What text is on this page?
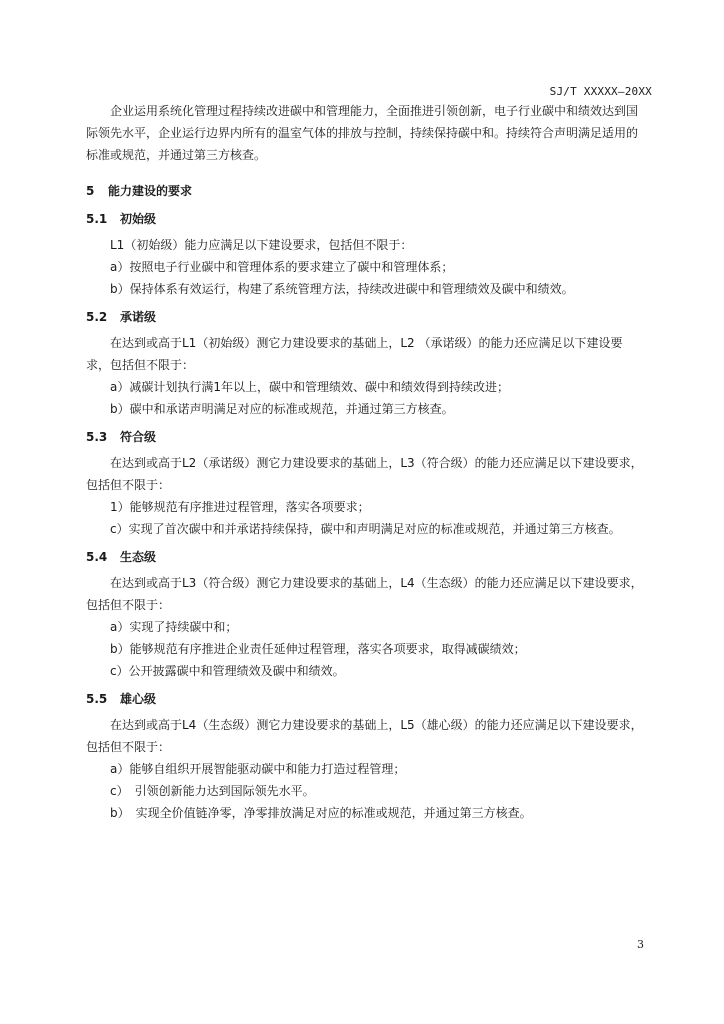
SJ/T XXXXX—20XX

企业运用系统化管理过程持续改进碳中和管理能力，全面推进引领创新，电子行业碳中和绩效达到国际领先水平，企业运行边界内所有的温室气体的排放与控制，持续保持碳中和。持续符合声明满足适用的标准或规范，并通过第三方核查。

5 能力建设的要求
5.1 初始级

L1（初始级）能力应满足以下建设要求，包括但不限于：

a）按照电子行业碳中和管理体系的要求建立了碳中和管理体系；

b）保持体系有效运行，构建了系统管理方法，持续改进碳中和管理绩效及碳中和绩效。

5.2 承诺级

在达到或高于L1（初始级）测它力建设要求的基础上，L2 （承诺级）的能力还应满足以下建设要求，包括但不限于：

a）减碳计划执行满1年以上，碳中和管理绩效、碳中和绩效得到持续改进；

b）碳中和承诺声明满足对应的标准或规范，并通过第三方核查。

5.3 符合级

在达到或高于L2（承诺级）测它力建设要求的基础上，L3（符合级）的能力还应满足以下建设要求，包括但不限于：

1）能够规范有序推进过程管理，落实各项要求；

c）实现了首次碳中和并承诺持续保持，碳中和声明满足对应的标准或规范，并通过第三方核查。

5.4 生态级

在达到或高于L3（符合级）测它力建设要求的基础上，L4（生态级）的能力还应满足以下建设要求，包括但不限于：

a）实现了持续碳中和；

b）能够规范有序推进企业责任延伸过程管理，落实各项要求，取得减碳绩效；

c）公开披露碳中和管理绩效及碳中和绩效。

5.5 雄心级

在达到或高于L4（生态级）测它力建设要求的基础上，L5（雄心级）的能力还应满足以下建设要求，包括但不限于：

a）能够自组织开展智能驱动碳中和能力打造过程管理；

c）　引领创新能力达到国际领先水平。

b）　实现全价值链净零，净零排放满足对应的标准或规范，并通过第三方核查。

3
